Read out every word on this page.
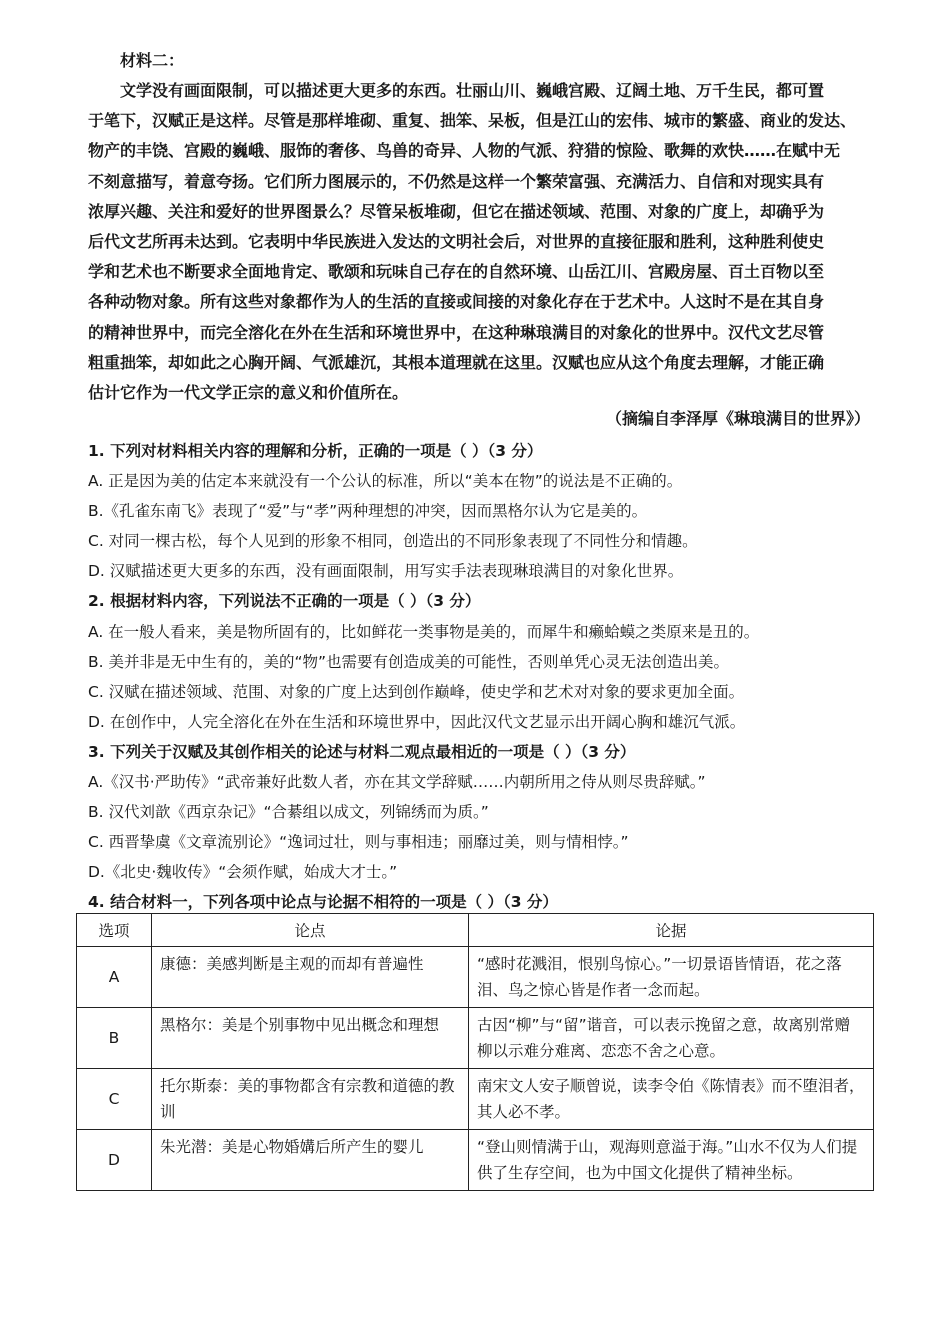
材料二：
文学没有画面限制，可以描述更大更多的东西。壮丽山川、巍峨宫殿、辽阔土地、万千生民，都可置
于笔下，汉赋正是这样。尽管是那样堆砌、重复、拙笨、呆板，但是江山的宏伟、城市的繁盛、商业的发达、
物产的丰饶、宫殿的巍峨、服饰的奢侈、鸟兽的奇异、人物的气派、狩猎的惊险、歌舞的欢快……在赋中无
不刻意描写，着意夸扬。它们所力图展示的，不仍然是这样一个繁荣富强、充满活力、自信和对现实具有
浓厚兴趣、关注和爱好的世界图景么？尽管呆板堆砌，但它在描述领域、范围、对象的广度上，却确乎为
后代文艺所再未达到。它表明中华民族进入发达的文明社会后，对世界的直接征服和胜利，这种胜利使史
学和艺术也不断要求全面地肯定、歌颂和玩味自己存在的自然环境、山岳江川、宫殿房屋、百土百物以至
各种动物对象。所有这些对象都作为人的生活的直接或间接的对象化存在于艺术中。人这时不是在其自身
的精神世界中，而完全溶化在外在生活和环境世界中，在这种琳琅满目的对象化的世界中。汉代文艺尽管
粗重拙笨，却如此之心胸开阔、气派雄沉，其根本道理就在这里。汉赋也应从这个角度去理解，才能正确
估计它作为一代文学正宗的意义和价值所在。
（摘编自李泽厚《琳琅满目的世界》）
1. 下列对材料相关内容的理解和分析，正确的一项是（ ）（3 分）
A. 正是因为美的估定本来就没有一个公认的标准，所以“美本在物”的说法是不正确的。
B.《孔雀东南飞》表现了“爱”与“孝”两种理想的冲突，因而黑格尔认为它是美的。
C. 对同一棵古松，每个人见到的形象不相同，创造出的不同形象表现了不同性分和情趣。
D. 汉赋描述更大更多的东西，没有画面限制，用写实手法表现琳琅满目的对象化世界。
2. 根据材料内容，下列说法不正确的一项是（ ）（3 分）
A. 在一般人看来，美是物所固有的，比如鲜花一类事物是美的，而犀牛和癞蛤蟆之类原来是丑的。
B. 美并非是无中生有的，美的“物”也需要有创造成美的可能性，否则单凭心灵无法创造出美。
C. 汉赋在描述领域、范围、对象的广度上达到创作巅峰，使史学和艺术对对象的要求更加全面。
D. 在创作中，人完全溶化在外在生活和环境世界中，因此汉代文艺显示出开阔心胸和雄沉气派。
3. 下列关于汉赋及其创作相关的论述与材料二观点最相近的一项是（ ）（3 分）
A.《汉书·严助传》“武帝兼好此数人者，亦在其文学辞赋……内朝所用之侍从则尽贵辞赋。”
B. 汉代刘歆《西京杂记》“合綦组以成文，列锦绣而为质。”
C. 西晋挚虞《文章流别论》“逸词过壮，则与事相违；丽靡过美，则与情相悖。”
D.《北史·魏收传》“会须作赋，始成大才士。”
4. 结合材料一，下列各项中论点与论据不相符的一项是（ ）（3 分）
选项	论点	论据
A	康德：美感判断是主观的而却有普遍性	“感时花溅泪，恨别鸟惊心。”一切景语皆情语，花之落泪、鸟之惊心皆是作者一念而起。
B	黑格尔：美是个别事物中见出概念和理想	古因“柳”与“留”谐音，可以表示挽留之意，故离别常赠柳以示难分难离、恋恋不舍之心意。
C	托尔斯泰：美的事物都含有宗教和道德的教训	南宋文人安子顺曾说，读李令伯《陈情表》而不堕泪者，其人必不孝。
D	朱光潜：美是心物婚媾后所产生的婴儿	“登山则情满于山，观海则意溢于海。”山水不仅为人们提供了生存空间，也为中国文化提供了精神坐标。
